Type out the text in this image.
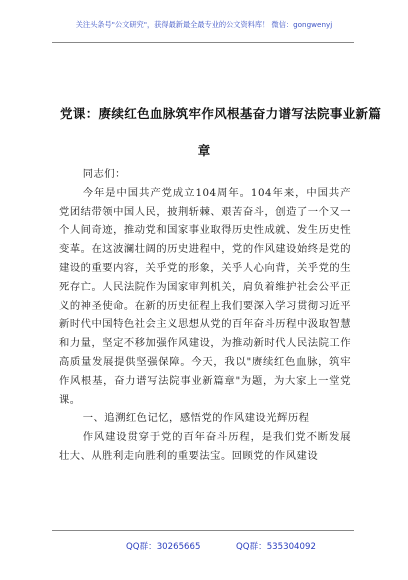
关注头条号"公文研究"，获得最新最全最专业的公文资料库！ 微信：gongwenyj
党课：赓续红色血脉筑牢作风根基奋力谱写法院事业新篇
章

同志们：

今年是中国共产党成立104周年。104年来，中国共产党团结带领中国人民，披荆斩棘、艰苦奋斗，创造了一个又一个人间奇迹，推动党和国家事业取得历史性成就、发生历史性变革。在这波澜壮阔的历史进程中，党的作风建设始终是党的建设的重要内容，关乎党的形象，关乎人心向背，关乎党的生死存亡。人民法院作为国家审判机关，肩负着维护社会公平正义的神圣使命。在新的历史征程上我们要深入学习贯彻习近平新时代中国特色社会主义思想从党的百年奋斗历程中汲取智慧和力量，坚定不移加强作风建设，为推动新时代人民法院工作高质量发展提供坚强保障。今天，我以"赓续红色血脉，筑牢作风根基，奋力谱写法院事业新篇章"为题，为大家上一堂党课。

一、追溯红色记忆，感悟党的作风建设光辉历程

作风建设贯穿于党的百年奋斗历程，是我们党不断发展壮大、从胜利走向胜利的重要法宝。回顾党的作风建设

QQ群：30265665	QQ群：535304092
